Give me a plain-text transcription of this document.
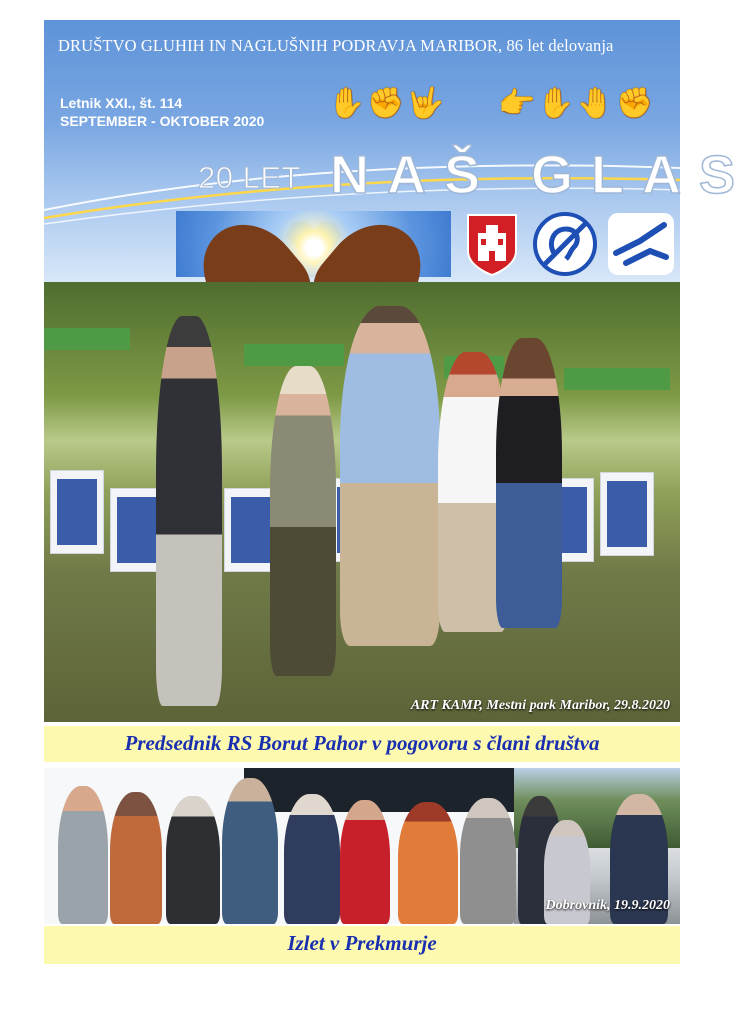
DRUŠTVO GLUHIH IN NAGLUŠNIH PODRAVJA MARIBOR, 86 let delovanja
Letnik XXI., št. 114
SEPTEMBER - OKTOBER 2020
✋✊🤟 👉✋🤚✊
20 LET NAŠ GLAS
ART KAMP, Mestni park Maribor, 29.8.2020
Predsednik RS Borut Pahor v pogovoru s člani društva
Dobrovnik, 19.9.2020
Izlet v Prekmurje
